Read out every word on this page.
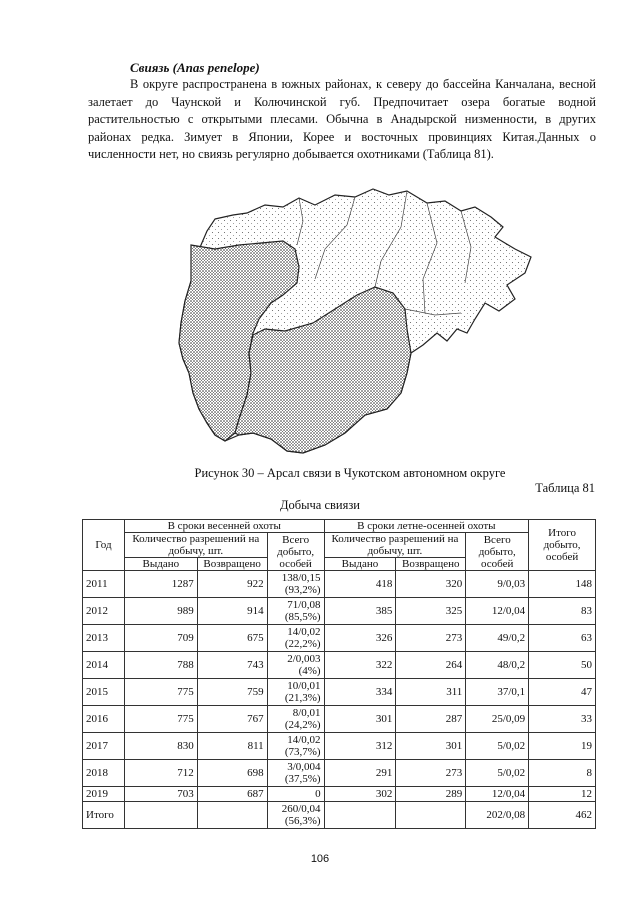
Свиязь (Anas penelope)
В округе распространена в южных районах, к северу до бассейна Канчалана, весной залетает до Чаунской и Колючинской губ. Предпочитает озера богатые водной растительностью с открытыми плесами. Обычна в Анадырской низменности, в других районах редка. Зимует в Японии, Корее и восточных провинциях Китая.Данных о численности нет, но свиязь регулярно добывается охотниками (Таблица 81).
Рисунок 30 – Арсал связи в Чукотском автономном округе
Таблица 81
Добыча свиязи
Год	В сроки весенней охоты			В сроки летне-осенней охоты			Итого добыто, особей
	Количество разрешений на добычу, шт.		Всего добыто, особей	Количество разрешений на добычу, шт.		Всего добыто, особей	
	Выдано	Возвращено		Выдано	Возвращено		
2011	1287	922	138/0,15 (93,2%)	418	320	9/0,03	148
2012	989	914	71/0,08 (85,5%)	385	325	12/0,04	83
2013	709	675	14/0,02 (22,2%)	326	273	49/0,2	63
2014	788	743	2/0,003 (4%)	322	264	48/0,2	50
2015	775	759	10/0,01 (21,3%)	334	311	37/0,1	47
2016	775	767	8/0,01 (24,2%)	301	287	25/0,09	33
2017	830	811	14/0,02 (73,7%)	312	301	5/0,02	19
2018	712	698	3/0,004 (37,5%)	291	273	5/0,02	8
2019	703	687	0	302	289	12/0,04	12
Итого			260/0,04 (56,3%)			202/0,08	462
106
